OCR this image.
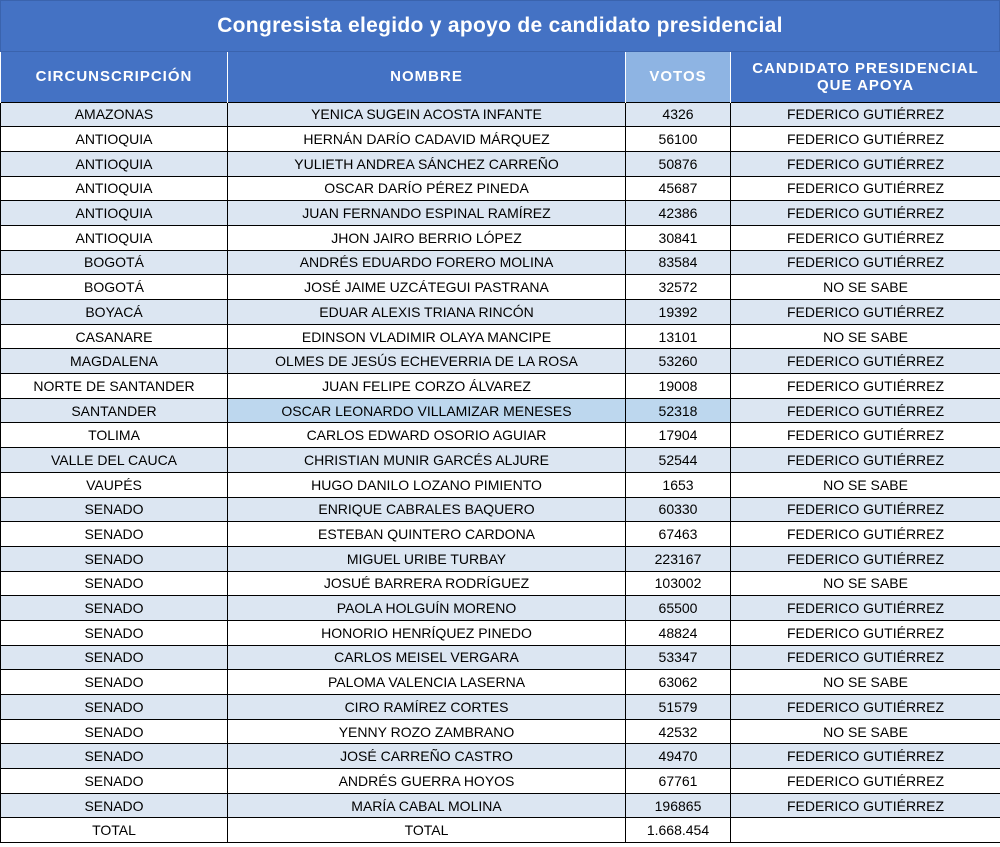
Congresista elegido y apoyo de candidato presidencial
CIRCUNSCRIPCIÓN	NOMBRE	VOTOS	CANDIDATO PRESIDENCIAL QUE APOYA
AMAZONAS	YENICA SUGEIN ACOSTA INFANTE	4326	FEDERICO GUTIÉRREZ
ANTIOQUIA	HERNÁN DARÍO CADAVID MÁRQUEZ	56100	FEDERICO GUTIÉRREZ
ANTIOQUIA	YULIETH ANDREA SÁNCHEZ CARREÑO	50876	FEDERICO GUTIÉRREZ
ANTIOQUIA	OSCAR DARÍO PÉREZ PINEDA	45687	FEDERICO GUTIÉRREZ
ANTIOQUIA	JUAN FERNANDO ESPINAL RAMÍREZ	42386	FEDERICO GUTIÉRREZ
ANTIOQUIA	JHON JAIRO BERRIO LÓPEZ	30841	FEDERICO GUTIÉRREZ
BOGOTÁ	ANDRÉS EDUARDO FORERO MOLINA	83584	FEDERICO GUTIÉRREZ
BOGOTÁ	JOSÉ JAIME UZCÁTEGUI PASTRANA	32572	NO SE SABE
BOYACÁ	EDUAR ALEXIS TRIANA RINCÓN	19392	FEDERICO GUTIÉRREZ
CASANARE	EDINSON VLADIMIR OLAYA MANCIPE	13101	NO SE SABE
MAGDALENA	OLMES DE JESÚS ECHEVERRIA DE LA ROSA	53260	FEDERICO GUTIÉRREZ
NORTE DE SANTANDER	JUAN FELIPE CORZO ÁLVAREZ	19008	FEDERICO GUTIÉRREZ
SANTANDER	OSCAR LEONARDO VILLAMIZAR MENESES	52318	FEDERICO GUTIÉRREZ
TOLIMA	CARLOS EDWARD OSORIO AGUIAR	17904	FEDERICO GUTIÉRREZ
VALLE DEL CAUCA	CHRISTIAN MUNIR GARCÉS ALJURE	52544	FEDERICO GUTIÉRREZ
VAUPÉS	HUGO DANILO LOZANO PIMIENTO	1653	NO SE SABE
SENADO	ENRIQUE CABRALES BAQUERO	60330	FEDERICO GUTIÉRREZ
SENADO	ESTEBAN QUINTERO CARDONA	67463	FEDERICO GUTIÉRREZ
SENADO	MIGUEL URIBE TURBAY	223167	FEDERICO GUTIÉRREZ
SENADO	JOSUÉ BARRERA RODRÍGUEZ	103002	NO SE SABE
SENADO	PAOLA HOLGUÍN MORENO	65500	FEDERICO GUTIÉRREZ
SENADO	HONORIO HENRÍQUEZ PINEDO	48824	FEDERICO GUTIÉRREZ
SENADO	CARLOS MEISEL VERGARA	53347	FEDERICO GUTIÉRREZ
SENADO	PALOMA VALENCIA LASERNA	63062	NO SE SABE
SENADO	CIRO RAMÍREZ CORTES	51579	FEDERICO GUTIÉRREZ
SENADO	YENNY ROZO ZAMBRANO	42532	NO SE SABE
SENADO	JOSÉ CARREÑO CASTRO	49470	FEDERICO GUTIÉRREZ
SENADO	ANDRÉS GUERRA HOYOS	67761	FEDERICO GUTIÉRREZ
SENADO	MARÍA CABAL MOLINA	196865	FEDERICO GUTIÉRREZ
TOTAL	TOTAL	1.668.454	
